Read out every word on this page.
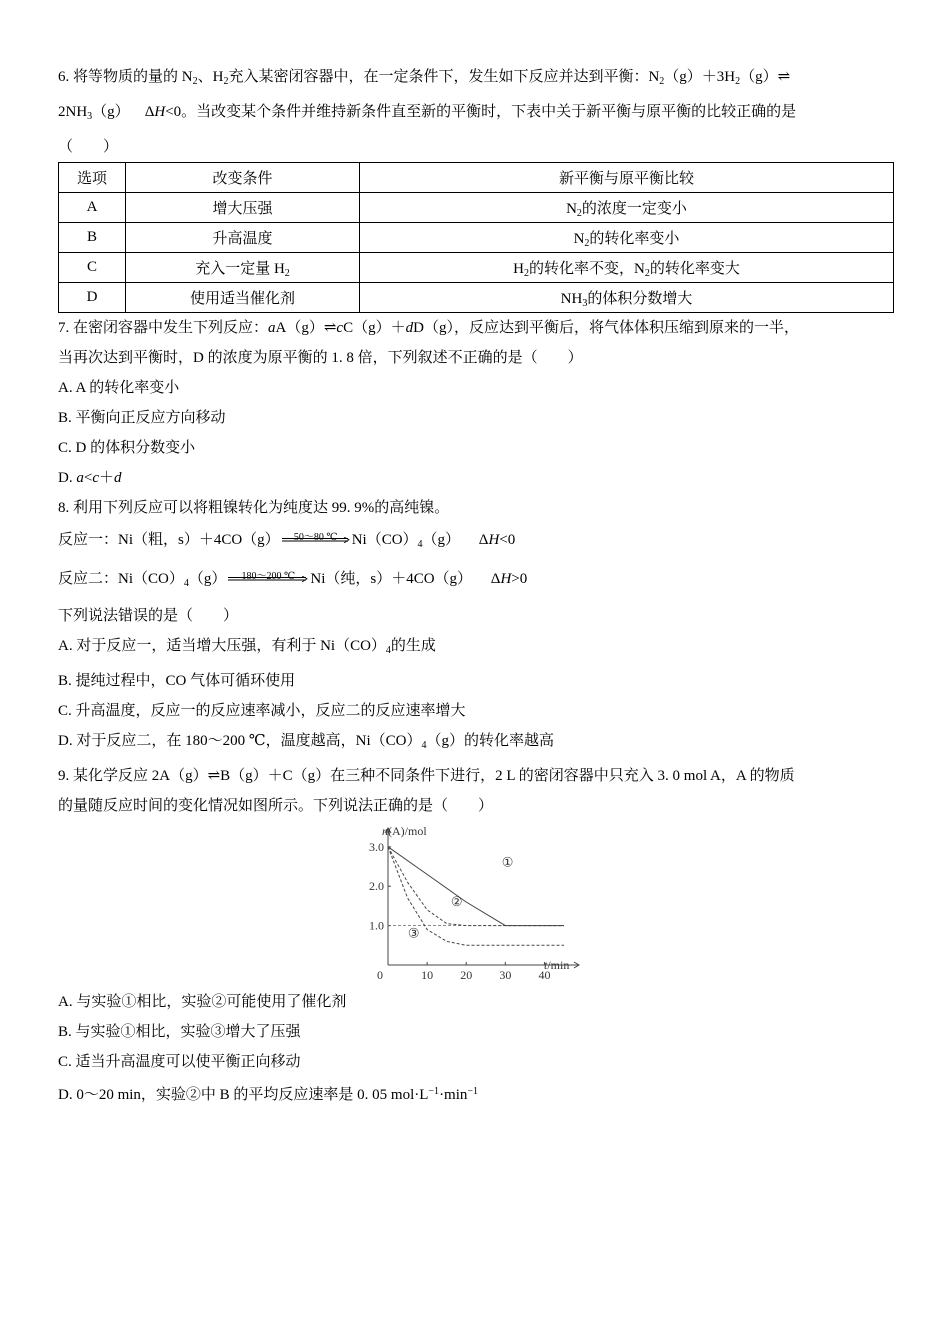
6. 将等物质的量的 $N_2$、$H_2$充入某密闭容器中，在一定条件下，发生如下反应并达到平衡：$N_2(g)+3H_2(g)\rightleftharpoons$
$2NH_3(g)$ ΔH<0。当改变某个条件并维持新条件直至新的平衡时，下表中关于新平衡与原平衡的比较正确的是
（　　）
选项	改变条件	新平衡与原平衡比较
A	增大压强	$N_2$的浓度一定变小
B	升高温度	$N_2$的转化率变小
C	充入一定量 $H_2$	$H_2$的转化率不变，$N_2$的转化率变大
D	使用适当催化剂	$NH_3$的体积分数增大
7. 在密闭容器中发生下列反应：aA（g）⇌cC（g）＋dD（g），反应达到平衡后，将气体体积压缩到原来的一半，
当再次达到平衡时，D 的浓度为原平衡的 1. 8 倍，下列叙述不正确的是（　　）
A. A 的转化率变小
B. 平衡向正反应方向移动
C. D 的体积分数变小
D. a<c＋d
8. 利用下列反应可以将粗镍转化为纯度达 99. 9%的高纯镍。
反应一：Ni（粗，s）＋4CO（g）	50～80 ℃ $Ni(CO)_4(g)$ ΔH<0
反应二：$Ni(CO)_4(g)$	180～200 ℃	Ni（纯，s）＋4CO（g） ΔH>0
下列说法错误的是（　　）
A. 对于反应一，适当增大压强，有利于 $Ni(CO)_4$的生成
B. 提纯过程中，CO 气体可循环使用
C. 升高温度，反应一的反应速率减小，反应二的反应速率增大
D. 对于反应二，在 180～200 ℃，温度越高，$Ni(CO)_4(g)$的转化率越高
9. 某化学反应 2A（g）⇌B（g）＋C（g）在三种不同条件下进行，2 L 的密闭容器中只充入 3. 0 mol A，A 的物质
的量随反应时间的变化情况如图所示。下列说法正确的是（　　）
0	10 20 30 40
1.0
2.0
3.0
①
②
③
n(A)/mol
t/min
A. 与实验①相比，实验②可能使用了催化剂
B. 与实验①相比，实验③增大了压强
C. 适当升高温度可以使平衡正向移动
D. 0～20 min，实验②中 B 的平均反应速率是 0. 05 $mol\cdot L^{-1}\cdot\min^{-1}$
